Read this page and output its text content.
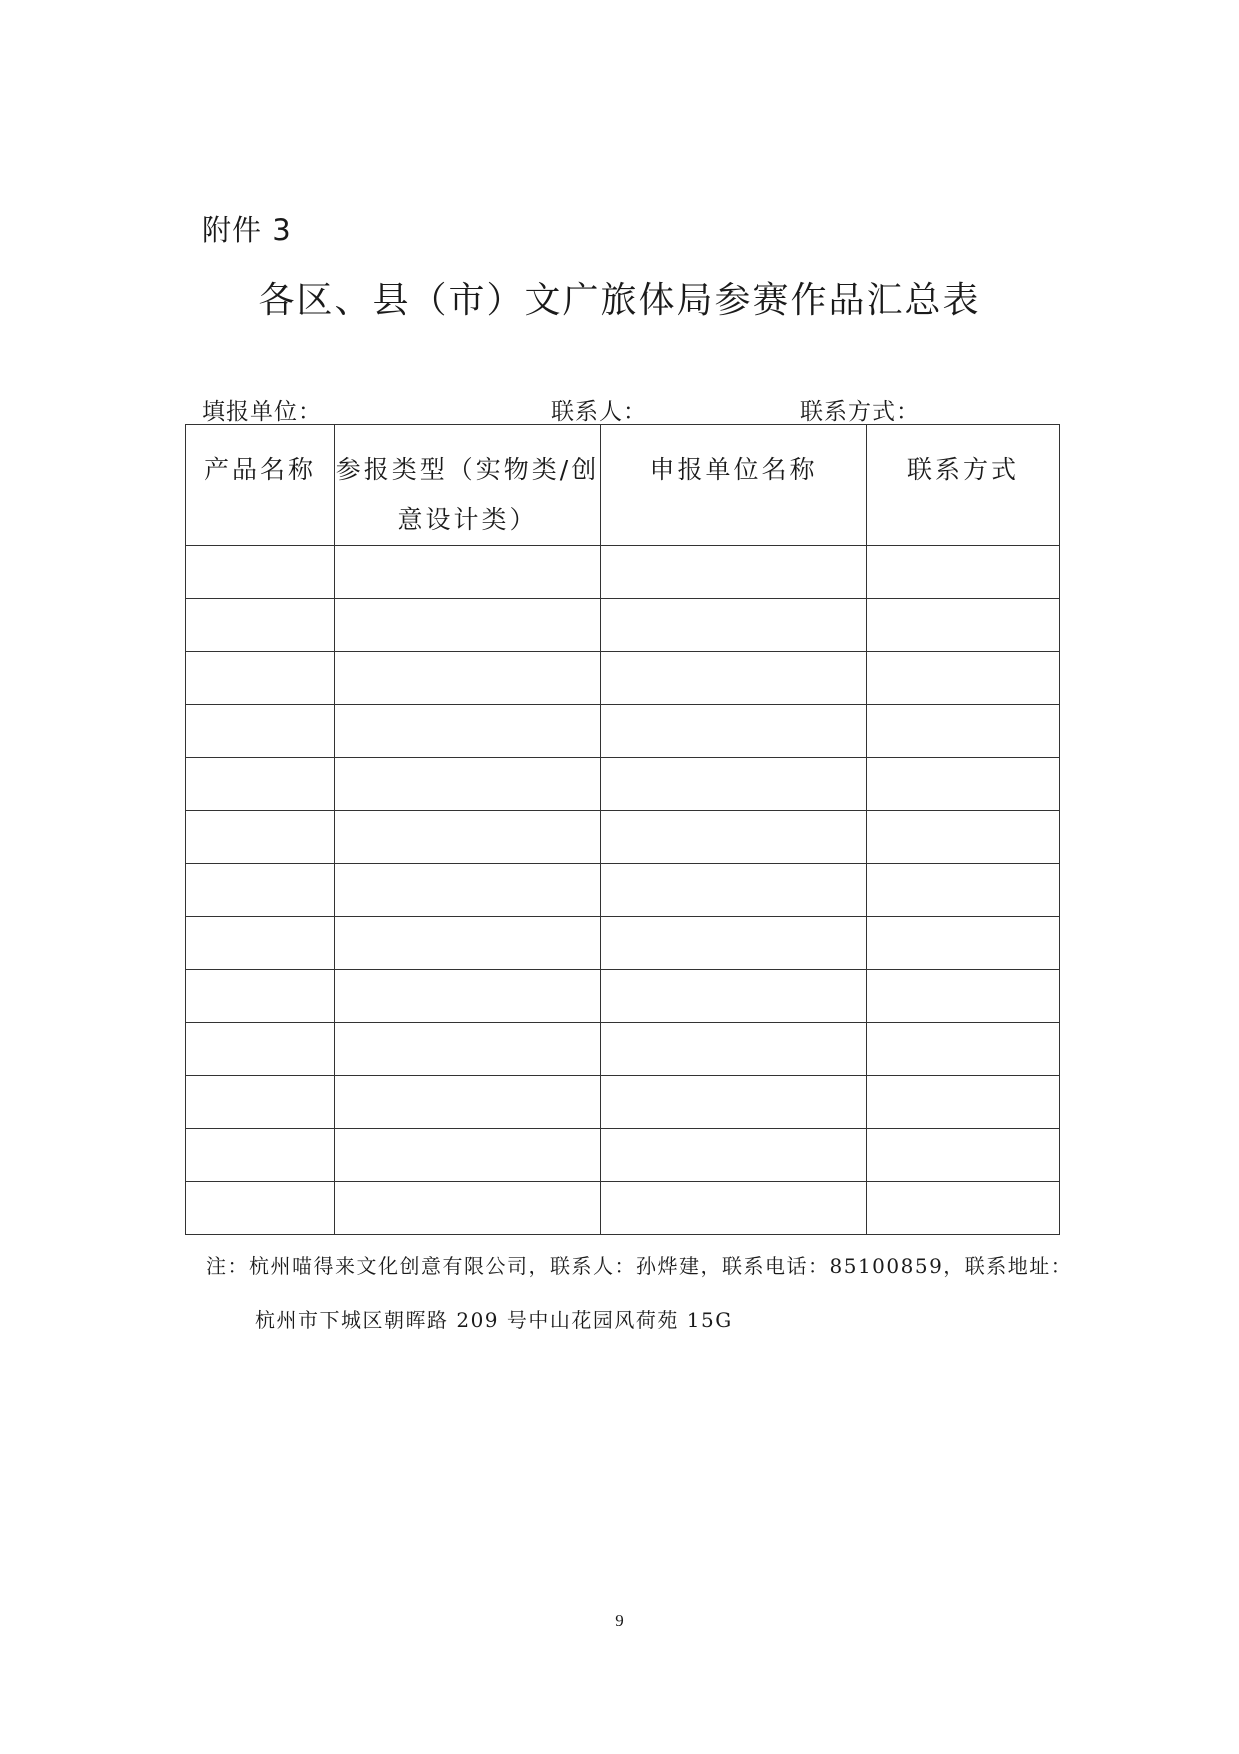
附件 3
各区、县（市）文广旅体局参赛作品汇总表
填报单位：	联系人：	联系方式：
产品名称	参报类型（实物类/创意设计类）	申报单位名称	联系方式

注：杭州喵得来文化创意有限公司，联系人：孙烨建，联系电话：85100859，联系地址：
杭州市下城区朝晖路 209 号中山花园风荷苑 15G
9
